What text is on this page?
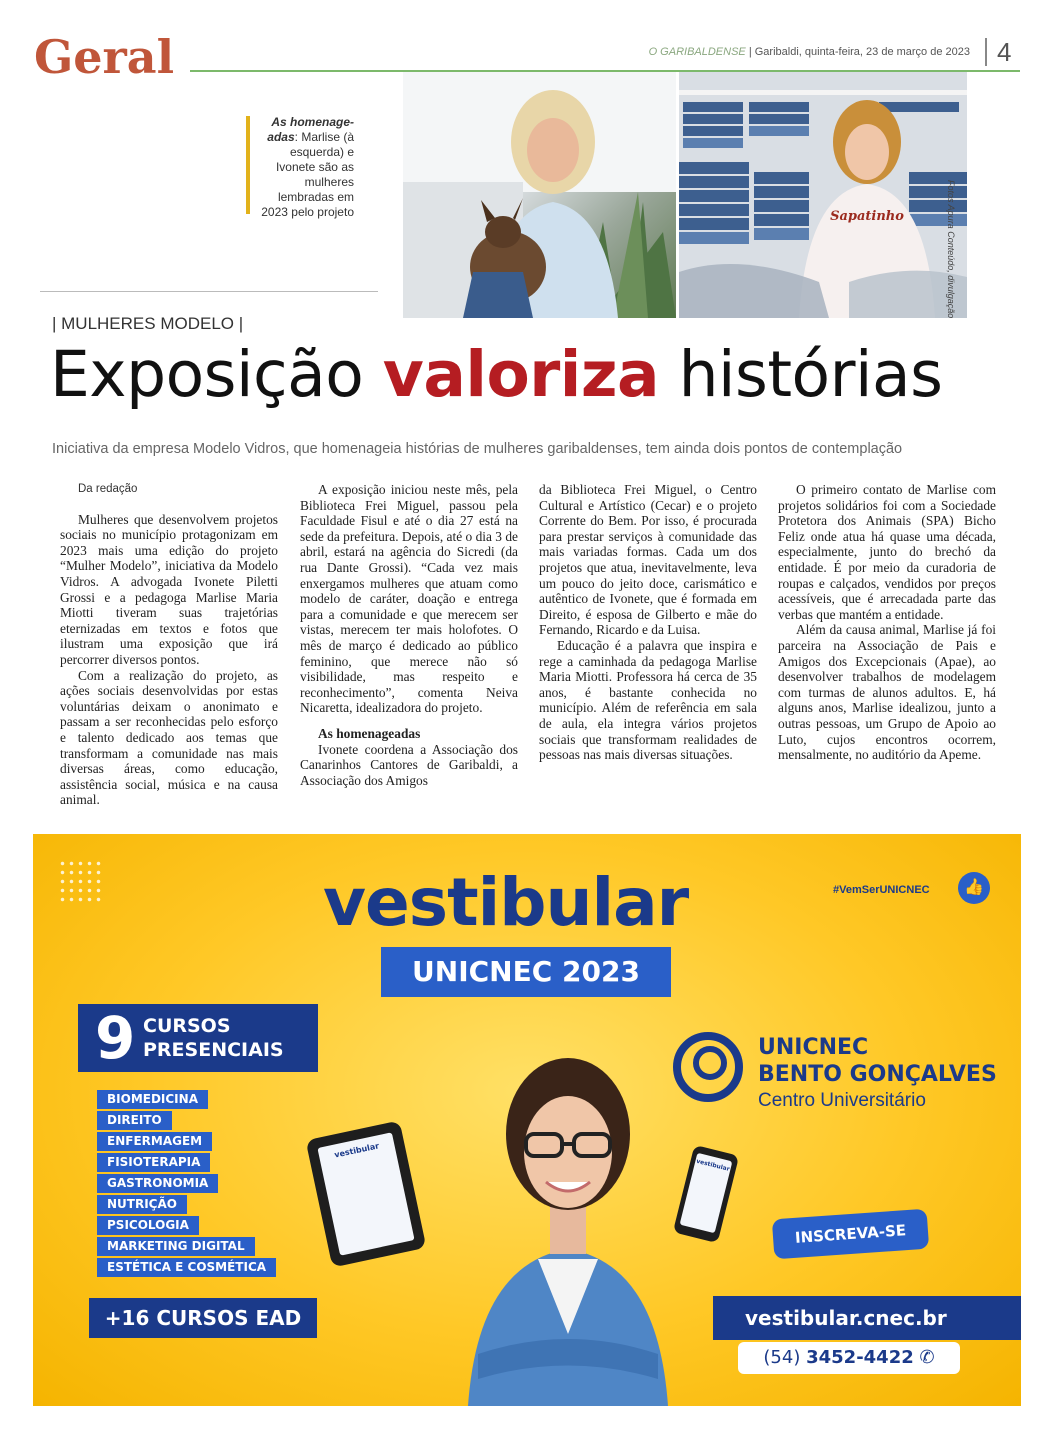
Geral	O GARIBALDENSE | Garibaldi, quinta-feira, 23 de março de 2023	4
As homenage-adas: Marlise (à esquerda) e Ivonete são as mulheres lembradas em 2023 pelo projeto	Sapatinho	Fotos Apura Conteúdo, divulgação
| MULHERES MODELO |
Exposição valoriza histórias
Iniciativa da empresa Modelo Vidros, que homenageia histórias de mulheres garibaldenses, tem ainda dois pontos de contemplação

Da redação

Mulheres que desenvolvem projetos sociais no município protagonizam em 2023 mais uma edição do projeto “Mulher Modelo”, iniciativa da Modelo Vidros. A advogada Ivonete Piletti Grossi e a pedagoga Marlise Maria Miotti tiveram suas trajetórias eternizadas em textos e fotos que ilustram uma exposição que irá percorrer diversos pontos.

Com a realização do projeto, as ações sociais desenvolvidas por estas voluntárias deixam o anonimato e passam a ser reconhecidas pelo esforço e talento dedicado aos temas que transformam a comunidade nas mais diversas áreas, como educação, assistência social, música e na causa animal.

A exposição iniciou neste mês, pela Biblioteca Frei Miguel, passou pela Faculdade Fisul e até o dia 27 está na sede da prefeitura. Depois, até o dia 3 de abril, estará na agência do Sicredi (da rua Dante Grossi). “Cada vez mais enxergamos mulheres que atuam como modelo de caráter, doação e entrega para a comunidade e que merecem ser vistas, merecem ter mais holofotes. O mês de março é dedicado ao público feminino, que merece não só visibilidade, mas respeito e reconhecimento”, comenta Neiva Nicaretta, idealizadora do projeto.

As homenageadas

Ivonete coordena a Associação dos Canarinhos Cantores de Garibaldi, a Associação dos Amigos

da Biblioteca Frei Miguel, o Centro Cultural e Artístico (Cecar) e o projeto Corrente do Bem. Por isso, é procurada para prestar serviços à comunidade das mais variadas formas. Cada um dos projetos que atua, inevitavelmente, leva um pouco do jeito doce, carismático e autêntico de Ivonete, que é formada em Direito, é esposa de Gilberto e mãe do Fernando, Ricardo e da Luisa.

Educação é a palavra que inspira e rege a caminhada da pedagoga Marlise Maria Miotti. Professora há cerca de 35 anos, é bastante conhecida no município. Além de referência em sala de aula, ela integra vários projetos sociais que transformam realidades de pessoas nas mais diversas situações.

O primeiro contato de Marlise com projetos solidários foi com a Sociedade Protetora dos Animais (SPA) Bicho Feliz onde atua há quase uma década, especialmente, junto do brechó da entidade. É por meio da curadoria de roupas e calçados, vendidos por preços acessíveis, que é arrecadada parte das verbas que mantém a entidade.

Além da causa animal, Marlise já foi parceira na Associação de Pais e Amigos dos Excepcionais (Apae), ao desenvolver trabalhos de modelagem com turmas de alunos adultos. E, há alguns anos, Marlise idealizou, junto a outras pessoas, um Grupo de Apoio ao Luto, cujos encontros ocorrem, mensalmente, no auditório da Apeme.

vestibular
UNICNEC 2023
#VemSerUNICNEC	👍
9 CURSOS
PRESENCIAIS
BIOMEDICINA
DIREITO
ENFERMAGEM
FISIOTERAPIA
GASTRONOMIA
NUTRIÇÃO
PSICOLOGIA
MARKETING DIGITAL
ESTÉTICA E COSMÉTICA
+16 CURSOS EAD
vestibular
vestibular
UNICNEC
BENTO GONÇALVES
Centro Universitário
INSCREVA-SE
vestibular.cnec.br
(54) 3452-4422 ✆
